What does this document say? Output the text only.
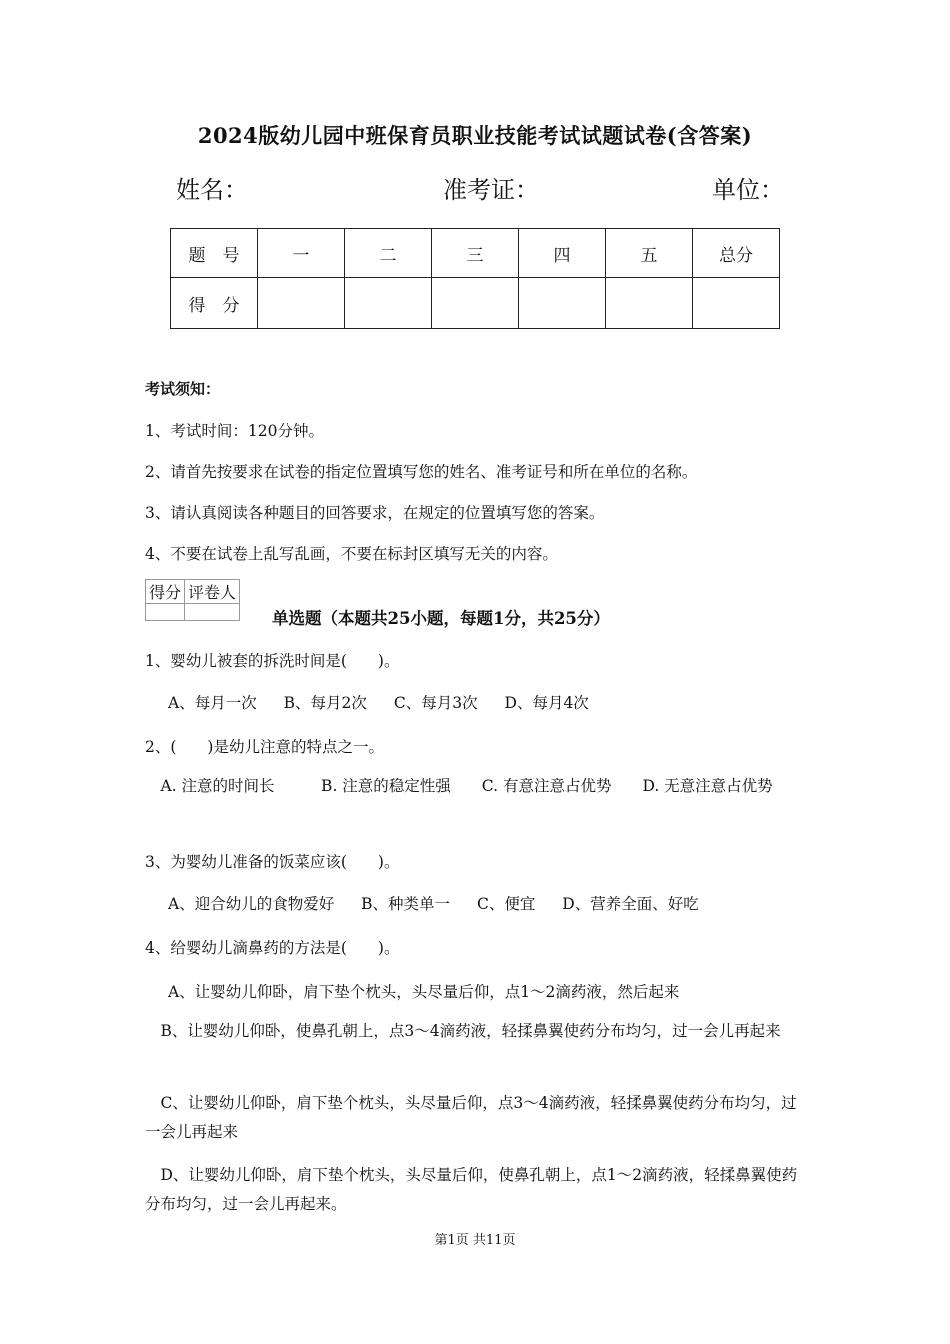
2024版幼儿园中班保育员职业技能考试试题试卷(含答案)
姓名：	准考证：	单位：
题　号	一	二	三	四	五	总分
得　分						
考试须知：
1、考试时间：120分钟。
2、请首先按要求在试卷的指定位置填写您的姓名、准考证号和所在单位的名称。
3、请认真阅读各种题目的回答要求，在规定的位置填写您的答案。
4、不要在试卷上乱写乱画，不要在标封区填写无关的内容。
得分	评卷人

单选题（本题共25小题，每题1分，共25分）
1、婴幼儿被套的拆洗时间是(　　)。
A、每月一次 B、每月2次 C、每月3次 D、每月4次
2、(　　)是幼儿注意的特点之一。
　A. 注意的时间长　　　B. 注意的稳定性强　　C. 有意注意占优势　　D. 无意注意占优势
3、为婴幼儿准备的饭菜应该(　　)。
A、迎合幼儿的食物爱好 B、种类单一 C、便宜 D、营养全面、好吃
4、给婴幼儿滴鼻药的方法是(　　)。
A、让婴幼儿仰卧，肩下垫个枕头，头尽量后仰，点1～2滴药液，然后起来
　B、让婴幼儿仰卧，使鼻孔朝上，点3～4滴药液，轻揉鼻翼使药分布均匀，过一会儿再起来
　C、让婴幼儿仰卧，肩下垫个枕头，头尽量后仰，点3～4滴药液，轻揉鼻翼使药分布均匀，过一会儿再起来
　D、让婴幼儿仰卧，肩下垫个枕头，头尽量后仰，使鼻孔朝上，点1～2滴药液，轻揉鼻翼使药分布均匀，过一会儿再起来。
第1页 共11页
